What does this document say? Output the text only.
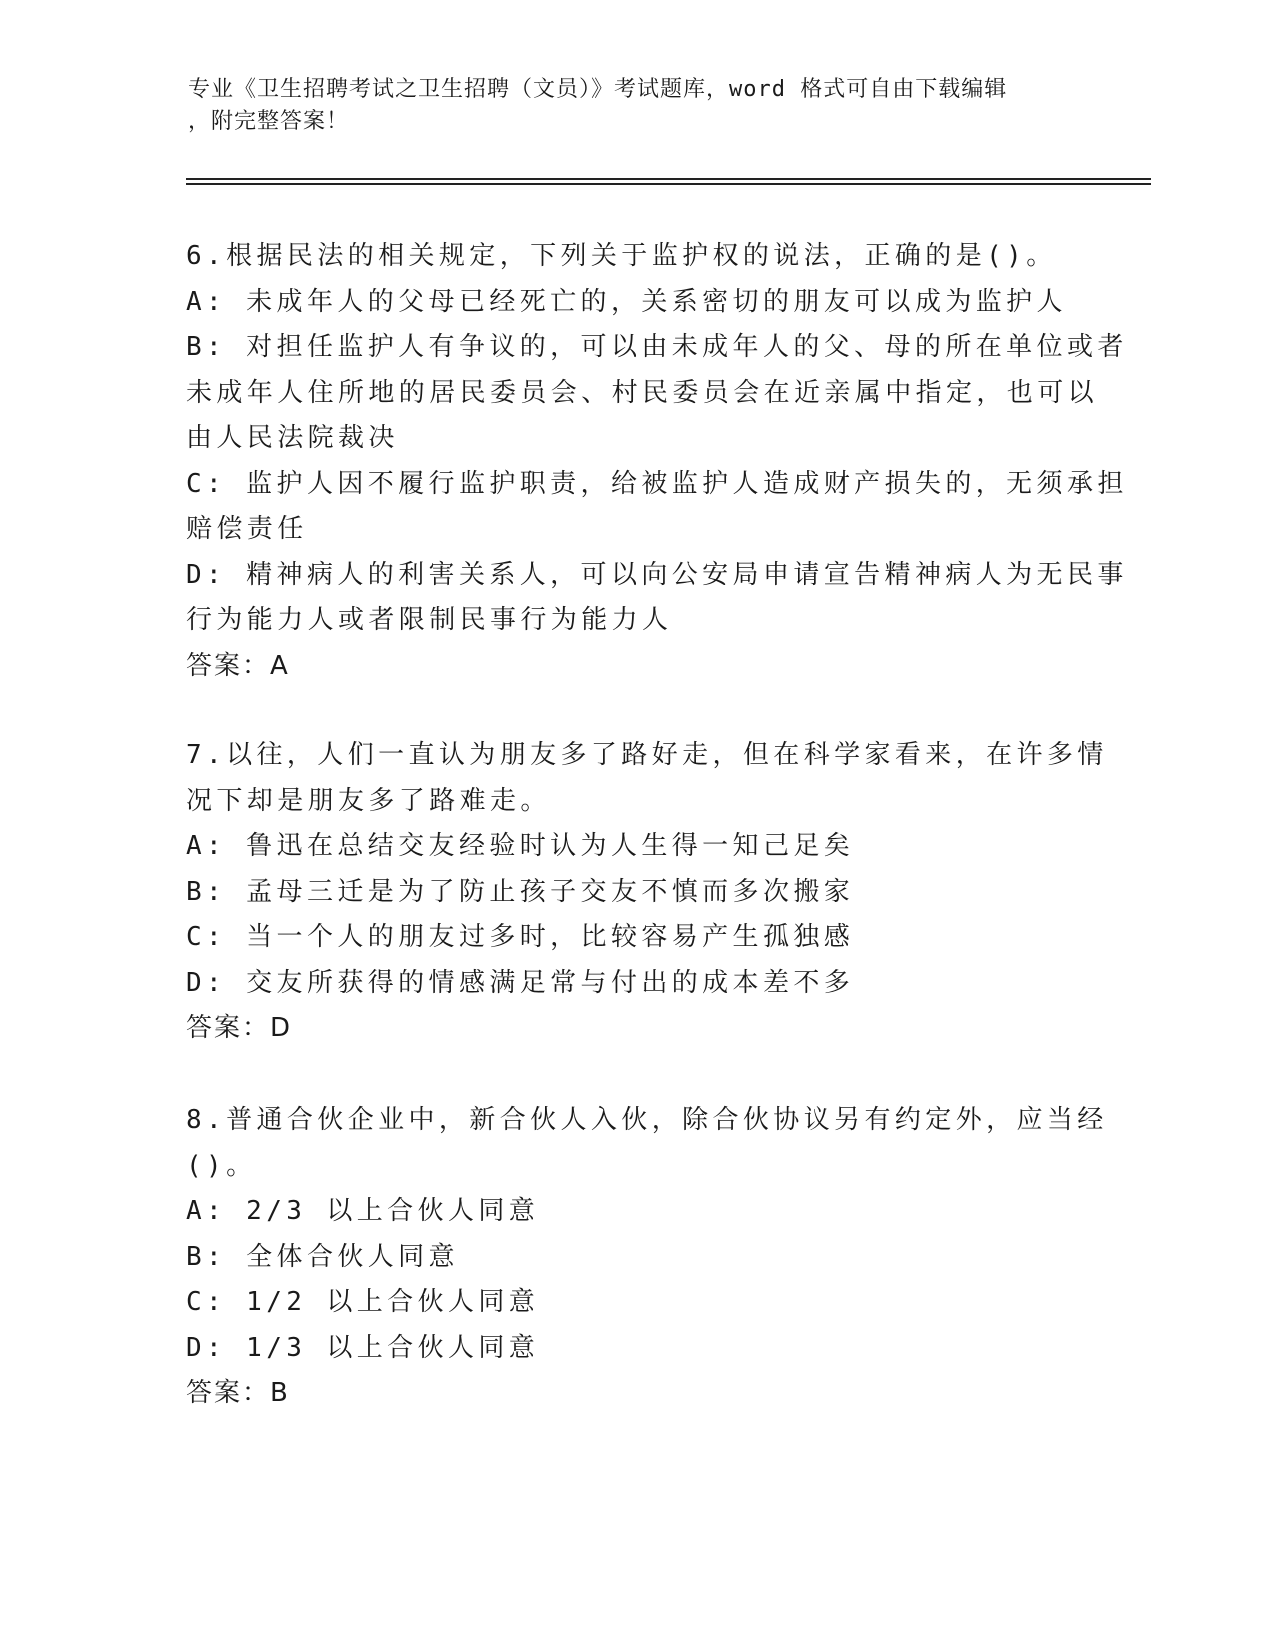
专业《卫生招聘考试之卫生招聘（文员）》考试题库，word 格式可自由下载编辑
，附完整答案！
6.根据民法的相关规定，下列关于监护权的说法，正确的是()。
A: 未成年人的父母已经死亡的，关系密切的朋友可以成为监护人
B: 对担任监护人有争议的，可以由未成年人的父、母的所在单位或者
未成年人住所地的居民委员会、村民委员会在近亲属中指定，也可以
由人民法院裁决
C: 监护人因不履行监护职责，给被监护人造成财产损失的，无须承担
赔偿责任
D: 精神病人的利害关系人，可以向公安局申请宣告精神病人为无民事
行为能力人或者限制民事行为能力人
答案：A
7.以往，人们一直认为朋友多了路好走，但在科学家看来，在许多情
况下却是朋友多了路难走。
A: 鲁迅在总结交友经验时认为人生得一知己足矣
B: 孟母三迁是为了防止孩子交友不慎而多次搬家
C: 当一个人的朋友过多时，比较容易产生孤独感
D: 交友所获得的情感满足常与付出的成本差不多
答案：D
8.普通合伙企业中，新合伙人入伙，除合伙协议另有约定外，应当经
()。
A: 2/3 以上合伙人同意
B: 全体合伙人同意
C: 1/2 以上合伙人同意
D: 1/3 以上合伙人同意
答案：B
